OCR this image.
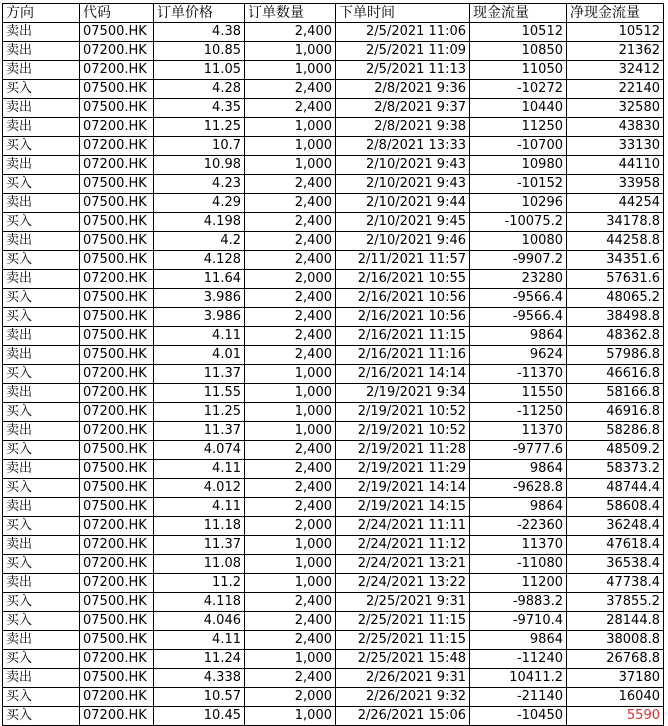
方向	代码	订单价格	订单数量	下单时间	现金流量	净现金流量
卖出	07500.HK	4.38	2,400	2/5/2021 11:06	10512	10512
卖出	07200.HK	10.85	1,000	2/5/2021 11:09	10850	21362
卖出	07200.HK	11.05	1,000	2/5/2021 11:13	11050	32412
买入	07500.HK	4.28	2,400	2/8/2021 9:36	-10272	22140
卖出	07500.HK	4.35	2,400	2/8/2021 9:37	10440	32580
卖出	07200.HK	11.25	1,000	2/8/2021 9:38	11250	43830
买入	07200.HK	10.7	1,000	2/8/2021 13:33	-10700	33130
卖出	07200.HK	10.98	1,000	2/10/2021 9:43	10980	44110
买入	07500.HK	4.23	2,400	2/10/2021 9:43	-10152	33958
卖出	07500.HK	4.29	2,400	2/10/2021 9:44	10296	44254
买入	07500.HK	4.198	2,400	2/10/2021 9:45	-10075.2	34178.8
卖出	07500.HK	4.2	2,400	2/10/2021 9:46	10080	44258.8
买入	07500.HK	4.128	2,400	2/11/2021 11:57	-9907.2	34351.6
卖出	07200.HK	11.64	2,000	2/16/2021 10:55	23280	57631.6
买入	07500.HK	3.986	2,400	2/16/2021 10:56	-9566.4	48065.2
买入	07500.HK	3.986	2,400	2/16/2021 10:56	-9566.4	38498.8
卖出	07500.HK	4.11	2,400	2/16/2021 11:15	9864	48362.8
卖出	07500.HK	4.01	2,400	2/16/2021 11:16	9624	57986.8
买入	07200.HK	11.37	1,000	2/16/2021 14:14	-11370	46616.8
卖出	07200.HK	11.55	1,000	2/19/2021 9:34	11550	58166.8
买入	07200.HK	11.25	1,000	2/19/2021 10:52	-11250	46916.8
卖出	07200.HK	11.37	1,000	2/19/2021 10:52	11370	58286.8
买入	07500.HK	4.074	2,400	2/19/2021 11:28	-9777.6	48509.2
卖出	07500.HK	4.11	2,400	2/19/2021 11:29	9864	58373.2
买入	07500.HK	4.012	2,400	2/19/2021 14:14	-9628.8	48744.4
卖出	07500.HK	4.11	2,400	2/19/2021 14:15	9864	58608.4
买入	07200.HK	11.18	2,000	2/24/2021 11:11	-22360	36248.4
卖出	07200.HK	11.37	1,000	2/24/2021 11:12	11370	47618.4
买入	07200.HK	11.08	1,000	2/24/2021 13:21	-11080	36538.4
卖出	07200.HK	11.2	1,000	2/24/2021 13:22	11200	47738.4
买入	07500.HK	4.118	2,400	2/25/2021 9:31	-9883.2	37855.2
买入	07500.HK	4.046	2,400	2/25/2021 11:15	-9710.4	28144.8
卖出	07500.HK	4.11	2,400	2/25/2021 11:15	9864	38008.8
买入	07200.HK	11.24	1,000	2/25/2021 15:48	-11240	26768.8
卖出	07500.HK	4.338	2,400	2/26/2021 9:31	10411.2	37180
买入	07200.HK	10.57	2,000	2/26/2021 9:32	-21140	16040
买入	07200.HK	10.45	1,000	2/26/2021 15:06	-10450	5590
